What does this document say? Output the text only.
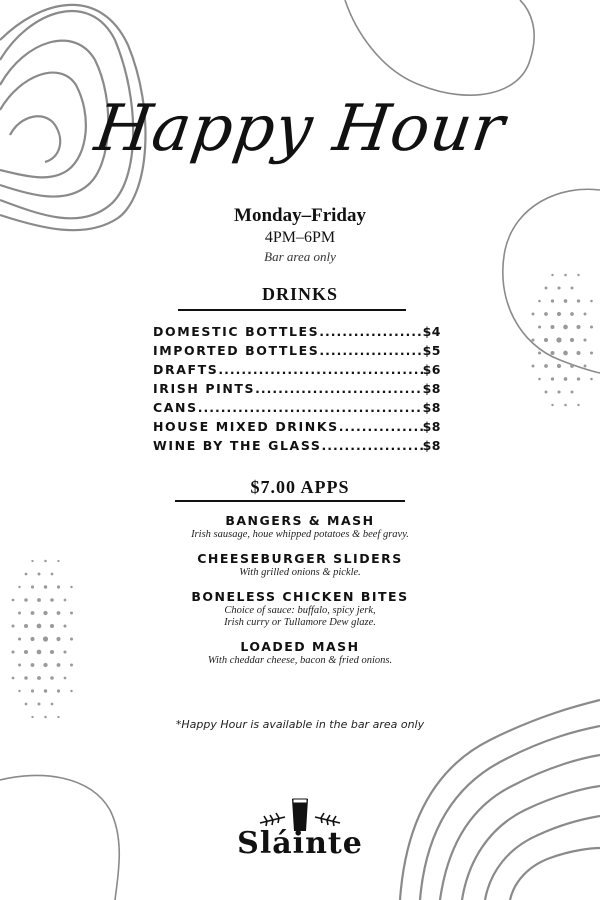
Happy Hour
Monday–Friday
4PM–6PM
Bar area only
DRINKS
DOMESTIC BOTTLES .....	$4
IMPORTED BOTTLES .....	$5
DRAFTS .....	$6
IRISH PINTS .....	$8
CANS .....	$8
HOUSE MIXED DRINKS .....	$8
WINE BY THE GLASS .....	$8
$7.00 APPS
BANGERS & MASH
Irish sausage, houe whipped potatoes & beef gravy.
CHEESEBURGER SLIDERS
With grilled onions & pickle.
BONELESS CHICKEN BITES
Choice of sauce: buffalo, spicy jerk,
Irish curry or Tullamore Dew glaze.
LOADED MASH
With cheddar cheese, bacon & fried onions.
*Happy Hour is available in the bar area only
Sláinte
